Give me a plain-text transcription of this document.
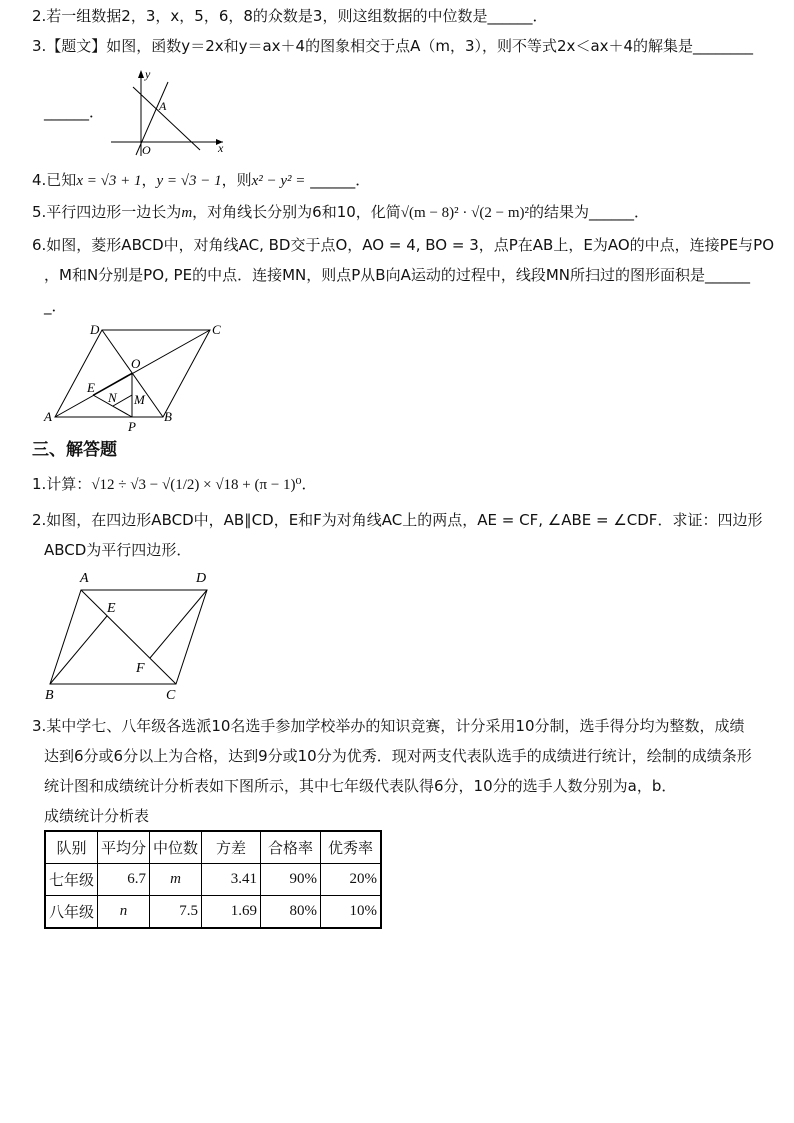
2.若一组数据2，3，x，5，6，8的众数是3，则这组数据的中位数是______．
3.【题文】如图，函数y＝2x和y＝ax＋4的图象相交于点A（m，3），则不等式2x＜ax＋4的解集是________
y
x
A
O
______．
4.已知x = √3 + 1，y = √3 − 1，则x² − y² = ______．
5.平行四边形一边长为m，对角线长分别为6和10，化简√(m − 8)² · √(2 − m)²的结果为______．
6.如图，菱形ABCD中，对角线AC, BD交于点O，AO = 4, BO = 3，点P在AB上，E为AO的中点，连接PE与PO
，M和N分别是PO, PE的中点．连接MN，则点P从B向A运动的过程中，线段MN所扫过的图形面积是______
_．
D	C
O
E
N M
A	B
P
三、解答题
1.计算：√12 ÷ √3 − √(1/2) × √18 + (π − 1)⁰．
2.如图，在四边形ABCD中，AB∥CD，E和F为对角线AC上的两点，AE = CF, ∠ABE = ∠CDF．求证：四边形
ABCD为平行四边形．
A	D
E
F
B	C
3.某中学七、八年级各选派10名选手参加学校举办的知识竞赛，计分采用10分制，选手得分均为整数，成绩
达到6分或6分以上为合格，达到9分或10分为优秀．现对两支代表队选手的成绩进行统计，绘制的成绩条形
统计图和成绩统计分析表如下图所示，其中七年级代表队得6分，10分的选手人数分别为a，b．
成绩统计分析表
队别	平均分	中位数	方差	合格率	优秀率
七年级	6.7	m	3.41	90%	20%
八年级	n	7.5	1.69	80%	10%
